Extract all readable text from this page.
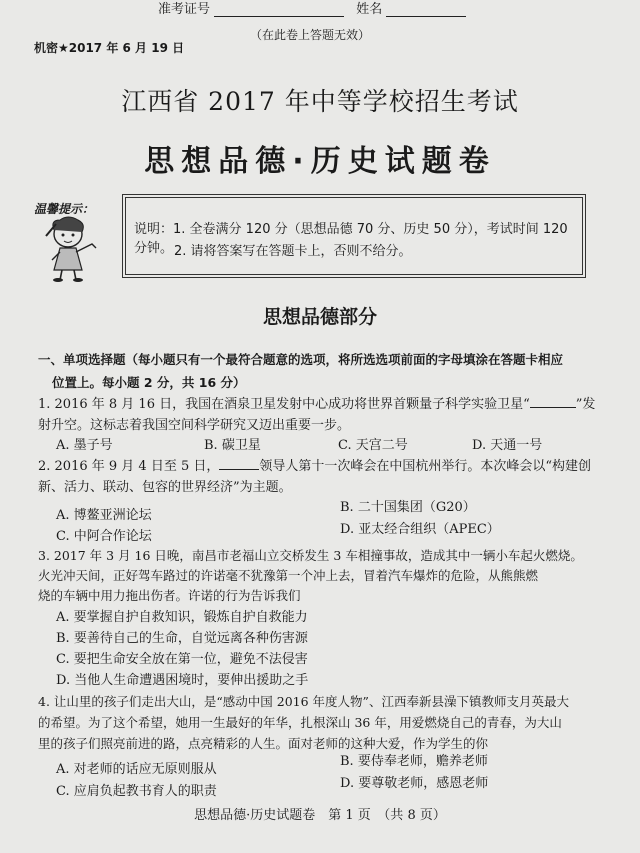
准考证号	姓名
（在此卷上答题无效）
机密★2017 年 6 月 19 日
江西省 2017 年中等学校招生考试
思想品德·历史试题卷
温馨提示：
说明：1. 全卷满分 120 分（思想品德 70 分、历史 50 分），考试时间 120 分钟。 2. 请将答案写在答题卡上，否则不给分。
思想品德部分
一、单项选择题（每小题只有一个最符合题意的选项，将所选选项前面的字母填涂在答题卡相应
位置上。每小题 2 分，共 16 分）
1. 2016 年 8 月 16 日，我国在酒泉卫星发射中心成功将世界首颗量子科学实验卫星“	”发
射升空。这标志着我国空间科学研究又迈出重要一步。
A. 墨子号	B. 碳卫星	C. 天宫二号	D. 天通一号
2. 2016 年 9 月 4 日至 5 日，	领导人第十一次峰会在中国杭州举行。本次峰会以“构建创
新、活力、联动、包容的世界经济”为主题。
A. 博鳌亚洲论坛
B. 二十国集团（G20）
C. 中阿合作论坛	D. 亚太经合组织（APEC）
3. 2017 年 3 月 16 日晚，南昌市老福山立交桥发生 3 车相撞事故，造成其中一辆小车起火燃烧。
火光冲天间，正好驾车路过的许诺毫不犹豫第一个冲上去，冒着汽车爆炸的危险，从熊熊燃
烧的车辆中用力拖出伤者。许诺的行为告诉我们
A. 要掌握自护自救知识，锻炼自护自救能力
B. 要善待自己的生命，自觉远离各种伤害源
C. 要把生命安全放在第一位，避免不法侵害
D. 当他人生命遭遇困境时，要伸出援助之手
4. 让山里的孩子们走出大山，是“感动中国 2016 年度人物”、江西奉新县澡下镇教师支月英最大
的希望。为了这个希望，她用一生最好的年华，扎根深山 36 年，用爱燃烧自己的青春，为大山
里的孩子们照亮前进的路，点亮精彩的人生。面对老师的这种大爱，作为学生的你
A. 对老师的话应无原则服从
B. 要侍奉老师，赡养老师
C. 应肩负起教书育人的职责
D. 要尊敬老师，感恩老师
思想品德·历史试题卷　第 1 页　（共 8 页）
